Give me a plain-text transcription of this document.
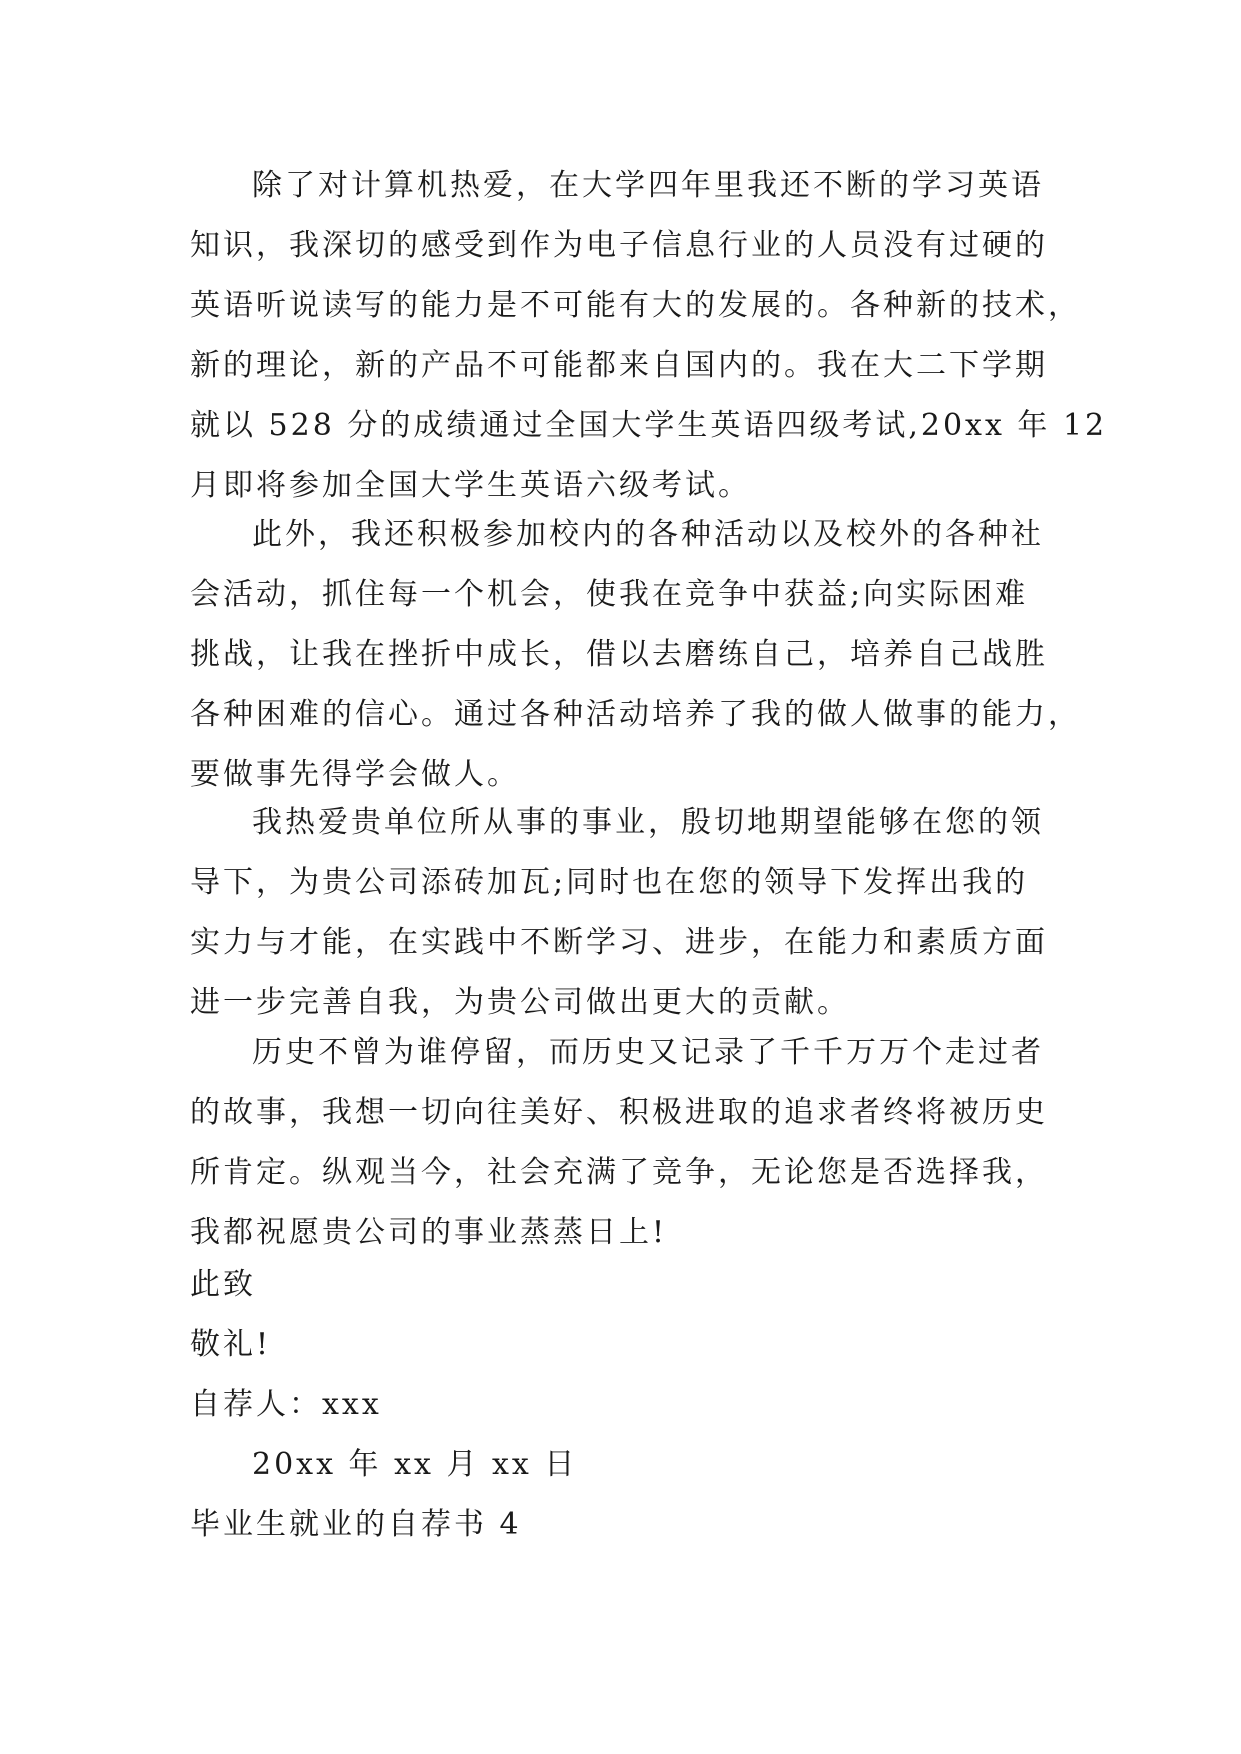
除了对计算机热爱，在大学四年里我还不断的学习英语
知识，我深切的感受到作为电子信息行业的人员没有过硬的
英语听说读写的能力是不可能有大的发展的。各种新的技术，
新的理论，新的产品不可能都来自国内的。我在大二下学期
就以 528 分的成绩通过全国大学生英语四级考试,20xx 年 12
月即将参加全国大学生英语六级考试。
此外，我还积极参加校内的各种活动以及校外的各种社
会活动，抓住每一个机会，使我在竞争中获益;向实际困难
挑战，让我在挫折中成长，借以去磨练自己，培养自己战胜
各种困难的信心。通过各种活动培养了我的做人做事的能力，
要做事先得学会做人。
我热爱贵单位所从事的事业，殷切地期望能够在您的领
导下，为贵公司添砖加瓦;同时也在您的领导下发挥出我的
实力与才能，在实践中不断学习、进步，在能力和素质方面
进一步完善自我，为贵公司做出更大的贡献。
历史不曾为谁停留，而历史又记录了千千万万个走过者
的故事，我想一切向往美好、积极进取的追求者终将被历史
所肯定。纵观当今，社会充满了竞争，无论您是否选择我，
我都祝愿贵公司的事业蒸蒸日上!
此致
敬礼!
自荐人：xxx
20xx 年 xx 月 xx 日
毕业生就业的自荐书 4
